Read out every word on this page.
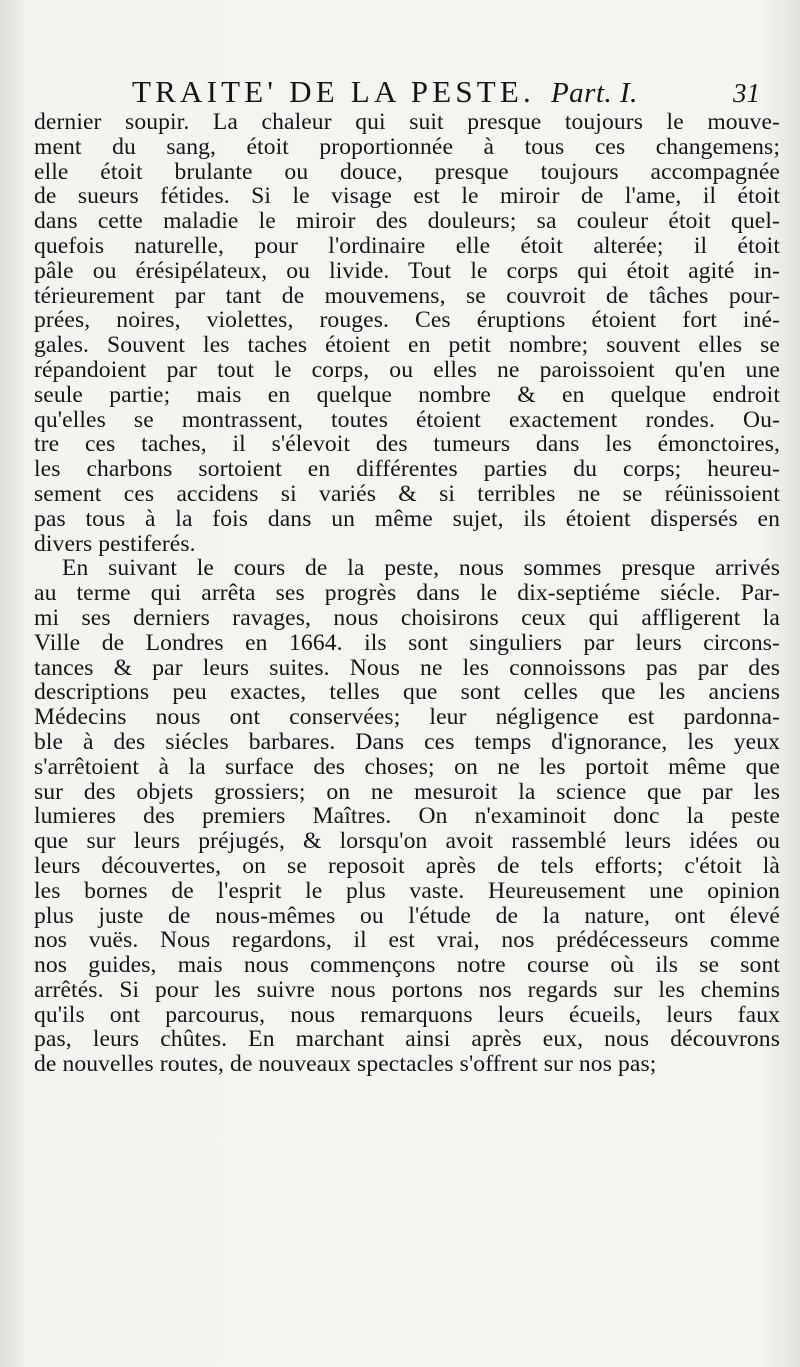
TRAITE' DE LA PESTE. Part. I.	31
dernier soupir. La chaleur qui suit presque toujours le mouve-
ment du sang, étoit proportionnée à tous ces changemens;
elle étoit brulante ou douce, presque toujours accompagnée
de sueurs fétides. Si le visage est le miroir de l'ame, il étoit
dans cette maladie le miroir des douleurs; sa couleur étoit quel-
quefois naturelle, pour l'ordinaire elle étoit alterée; il étoit
pâle ou érésipélateux, ou livide. Tout le corps qui étoit agité in-
térieurement par tant de mouvemens, se couvroit de tâches pour-
prées, noires, violettes, rouges. Ces éruptions étoient fort iné-
gales. Souvent les taches étoient en petit nombre; souvent elles se
répandoient par tout le corps, ou elles ne paroissoient qu'en une
seule partie; mais en quelque nombre & en quelque endroit
qu'elles se montrassent, toutes étoient exactement rondes. Ou-
tre ces taches, il s'élevoit des tumeurs dans les émonctoires,
les charbons sortoient en différentes parties du corps; heureu-
sement ces accidens si variés & si terribles ne se réünissoient
pas tous à la fois dans un même sujet, ils étoient dispersés en
divers pestiferés.
En suivant le cours de la peste, nous sommes presque arrivés
au terme qui arrêta ses progrès dans le dix-septiéme siécle. Par-
mi ses derniers ravages, nous choisirons ceux qui affligerent la
Ville de Londres en 1664. ils sont singuliers par leurs circons-
tances & par leurs suites. Nous ne les connoissons pas par des
descriptions peu exactes, telles que sont celles que les anciens
Médecins nous ont conservées; leur négligence est pardonna-
ble à des siécles barbares. Dans ces temps d'ignorance, les yeux
s'arrêtoient à la surface des choses; on ne les portoit même que
sur des objets grossiers; on ne mesuroit la science que par les
lumieres des premiers Maîtres. On n'examinoit donc la peste
que sur leurs préjugés, & lorsqu'on avoit rassemblé leurs idées ou
leurs découvertes, on se reposoit après de tels efforts; c'étoit là
les bornes de l'esprit le plus vaste. Heureusement une opinion
plus juste de nous-mêmes ou l'étude de la nature, ont élevé
nos vuës. Nous regardons, il est vrai, nos prédécesseurs comme
nos guides, mais nous commençons notre course où ils se sont
arrêtés. Si pour les suivre nous portons nos regards sur les chemins
qu'ils ont parcourus, nous remarquons leurs écueils, leurs faux
pas, leurs chûtes. En marchant ainsi après eux, nous découvrons
de nouvelles routes, de nouveaux spectacles s'offrent sur nos pas;
